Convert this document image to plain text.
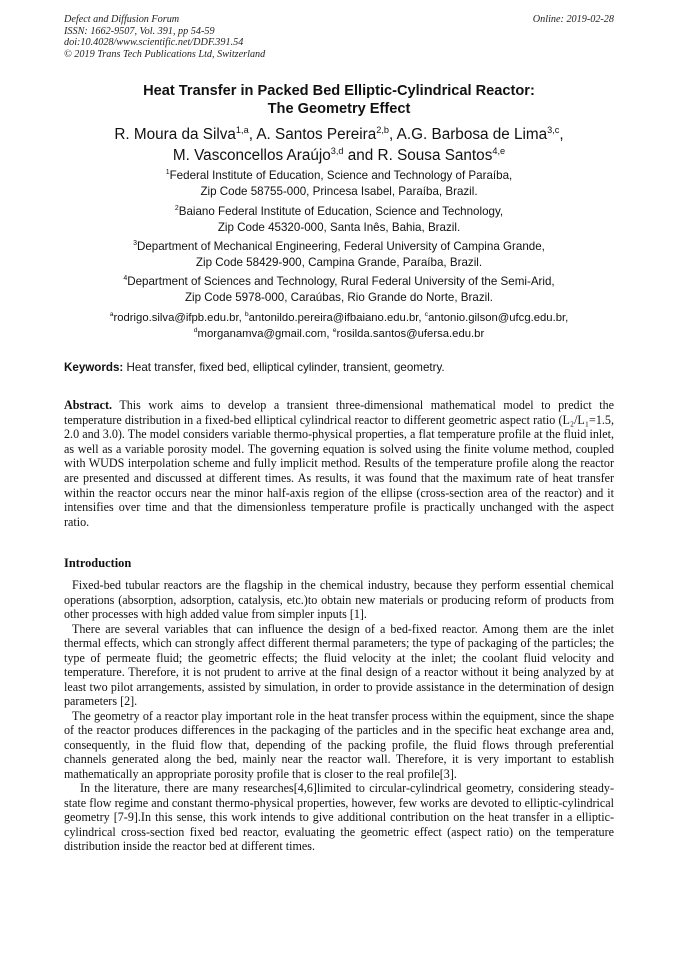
Defect and Diffusion Forum
ISSN: 1662-9507, Vol. 391, pp 54-59
doi:10.4028/www.scientific.net/DDF.391.54
© 2019 Trans Tech Publications Ltd, Switzerland
Online: 2019-02-28
Heat Transfer in Packed Bed Elliptic-Cylindrical Reactor:
The Geometry Effect
R. Moura da Silva$^{1,a}$, A. Santos Pereira$^{2,b}$, A.G. Barbosa de Lima$^{3,c}$,
M. Vasconcellos Araújo$^{3,d}$ and R. Sousa Santos$^{4,e}$
$^1$Federal Institute of Education, Science and Technology of Paraíba,
Zip Code 58755-000, Princesa Isabel, Paraíba, Brazil.
$^2$Baiano Federal Institute of Education, Science and Technology,
Zip Code 45320-000, Santa Inês, Bahia, Brazil.
$^3$Department of Mechanical Engineering, Federal University of Campina Grande,
Zip Code 58429-900, Campina Grande, Paraíba, Brazil.
$^4$Department of Sciences and Technology, Rural Federal University of the Semi-Arid,
Zip Code 5978-000, Caraúbas, Rio Grande do Norte, Brazil.
$^a$rodrigo.silva@ifpb.edu.br, $^b$antonildo.pereira@ifbaiano.edu.br, $^c$antonio.gilson@ufcg.edu.br,
$^d$morganamva@gmail.com, $^e$rosilda.santos@ufersa.edu.br
Keywords: Heat transfer, fixed bed, elliptical cylinder, transient, geometry.
Abstract. This work aims to develop a transient three-dimensional mathematical model to predict the temperature distribution in a fixed-bed elliptical cylindrical reactor to different geometric aspect ratio (L₂/L₁=1.5, 2.0 and 3.0). The model considers variable thermo-physical properties, a flat temperature profile at the fluid inlet, as well as a variable porosity model. The governing equation is solved using the finite volume method, coupled with WUDS interpolation scheme and fully implicit method. Results of the temperature profile along the reactor are presented and discussed at different times. As results, it was found that the maximum rate of heat transfer within the reactor occurs near the minor half-axis region of the ellipse (cross-section area of the reactor) and it intensifies over time and that the dimensionless temperature profile is practically unchanged with the aspect ratio.
Introduction

Fixed-bed tubular reactors are the flagship in the chemical industry, because they perform essential chemical operations (absorption, adsorption, catalysis, etc.)to obtain new materials or producing reform of products from other processes with high added value from simpler inputs [1].

There are several variables that can influence the design of a bed-fixed reactor. Among them are the inlet thermal effects, which can strongly affect different thermal parameters; the type of packaging of the particles; the type of permeate fluid; the geometric effects; the fluid velocity at the inlet; the coolant fluid velocity and temperature. Therefore, it is not prudent to arrive at the final design of a reactor without it being analyzed by at least two pilot arrangements, assisted by simulation, in order to provide assistance in the determination of design parameters [2].

The geometry of a reactor play important role in the heat transfer process within the equipment, since the shape of the reactor produces differences in the packaging of the particles and in the specific heat exchange area and, consequently, in the fluid flow that, depending of the packing profile, the fluid flows through preferential channels generated along the bed, mainly near the reactor wall. Therefore, it is very important to establish mathematically an appropriate porosity profile that is closer to the real profile[3].

In the literature, there are many researches[4,6]limited to circular-cylindrical geometry, considering steady-state flow regime and constant thermo-physical properties, however, few works are devoted to elliptic-cylindrical geometry [7-9].In this sense, this work intends to give additional contribution on the heat transfer in a elliptic-cylindrical cross-section fixed bed reactor, evaluating the geometric effect (aspect ratio) on the temperature distribution inside the reactor bed at different times.
